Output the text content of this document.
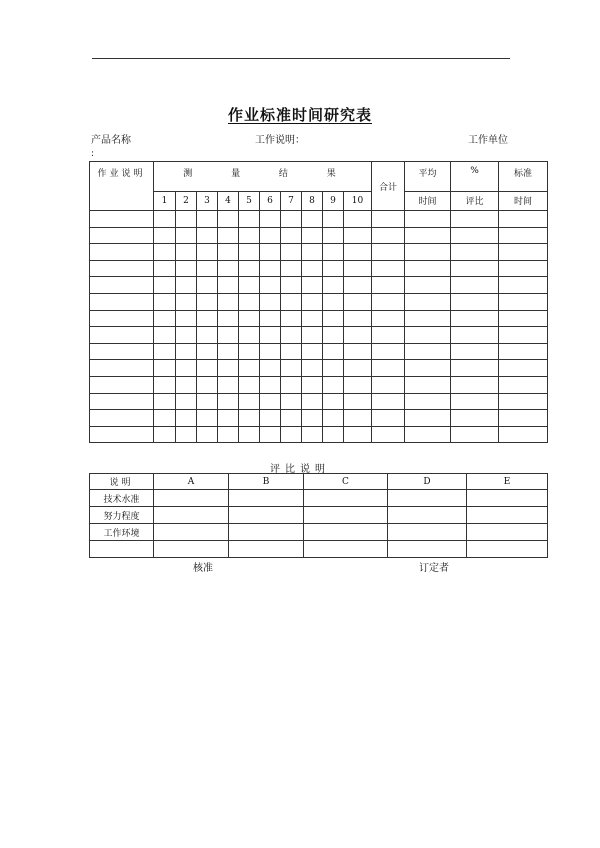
作业标准时间研究表
产品名称	工作说明：	工作单位
:
作业说明	测 量 结 果										合计	平均	%	标准
	1	2	3	4	5	6	7	8	9	10		时间	评比	时间

评比说明
说明	A	B	C	D	E
技术水准					
努力程度					
工作环境					

核准	订定者
